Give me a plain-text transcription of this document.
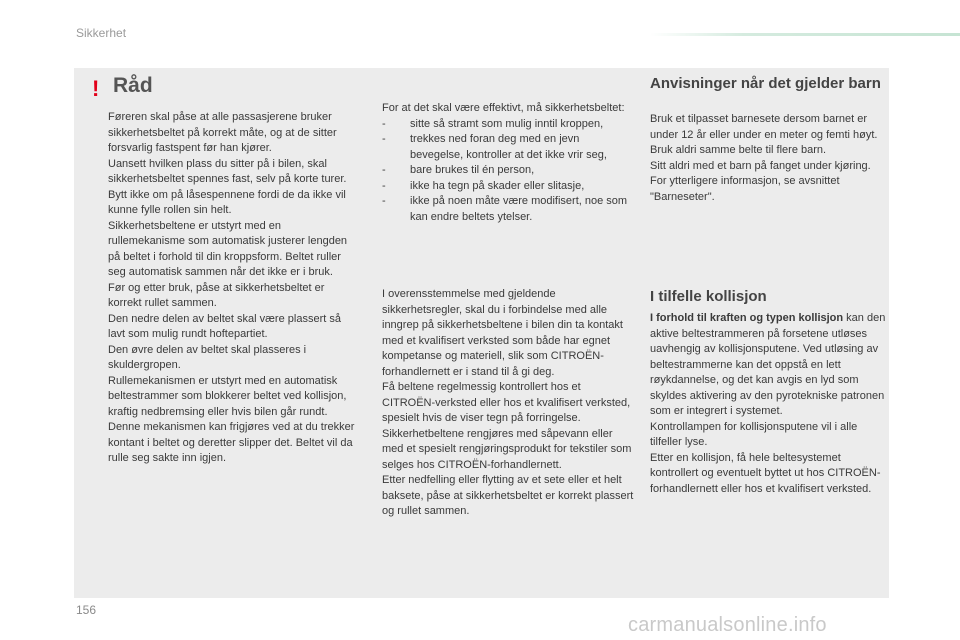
Sikkerhet
! Råd

Føreren skal påse at alle passasjerene bruker sikkerhetsbeltet på korrekt måte, og at de sitter forsvarlig fastspent før han kjører.

Uansett hvilken plass du sitter på i bilen, skal sikkerhetsbeltet spennes fast, selv på korte turer.

Bytt ikke om på låsespennene fordi de da ikke vil kunne fylle rollen sin helt.

Sikkerhetsbeltene er utstyrt med en rullemekanisme som automatisk justerer lengden på beltet i forhold til din kroppsform. Beltet ruller seg automatisk sammen når det ikke er i bruk.

Før og etter bruk, påse at sikkerhetsbeltet er korrekt rullet sammen.

Den nedre delen av beltet skal være plassert så lavt som mulig rundt hoftepartiet.

Den øvre delen av beltet skal plasseres i skuldergropen.

Rullemekanismen er utstyrt med en automatisk beltestrammer som blokkerer beltet ved kollisjon, kraftig nedbremsing eller hvis bilen går rundt. Denne mekanismen kan frigjøres ved at du trekker kontant i beltet og deretter slipper det. Beltet vil da rulle seg sakte inn igjen.

For at det skal være effektivt, må sikkerhetsbeltet:

- sitte så stramt som mulig inntil kroppen,

- trekkes ned foran deg med en jevn bevegelse, kontroller at det ikke vrir seg,

- bare brukes til én person,

- ikke ha tegn på skader eller slitasje,

- ikke på noen måte være modifisert, noe som kan endre beltets ytelser.

I overensstemmelse med gjeldende sikkerhetsregler, skal du i forbindelse med alle inngrep på sikkerhetsbeltene i bilen din ta kontakt med et kvalifisert verksted som både har egnet kompetanse og materiell, slik som CITROËN-forhandlernett er i stand til å gi deg.

Få beltene regelmessig kontrollert hos et CITROËN-verksted eller hos et kvalifisert verksted, spesielt hvis de viser tegn på forringelse.

Sikkerhetbeltene rengjøres med såpevann eller med et spesielt rengjøringsprodukt for tekstiler som selges hos CITROËN-forhandlernett.

Etter nedfelling eller flytting av et sete eller et helt baksete, påse at sikkerhetsbeltet er korrekt plassert og rullet sammen.

Anvisninger når det gjelder barn

Bruk et tilpasset barnesete dersom barnet er under 12 år eller under en meter og femti høyt.

Bruk aldri samme belte til flere barn.

Sitt aldri med et barn på fanget under kjøring.

For ytterligere informasjon, se avsnittet "Barneseter".

I tilfelle kollisjon

I forhold til kraften og typen kollisjon kan den aktive beltestrammeren på forsetene utløses uavhengig av kollisjonsputene. Ved utløsing av beltestrammerne kan det oppstå en lett røykdannelse, og det kan avgis en lyd som skyldes aktivering av den pyrotekniske patronen som er integrert i systemet.

Kontrollampen for kollisjonsputene vil i alle tilfeller lyse.

Etter en kollisjon, få hele beltesystemet kontrollert og eventuelt byttet ut hos CITROËN-forhandlernett eller hos et kvalifisert verksted.

156
carmanualsonline.info
